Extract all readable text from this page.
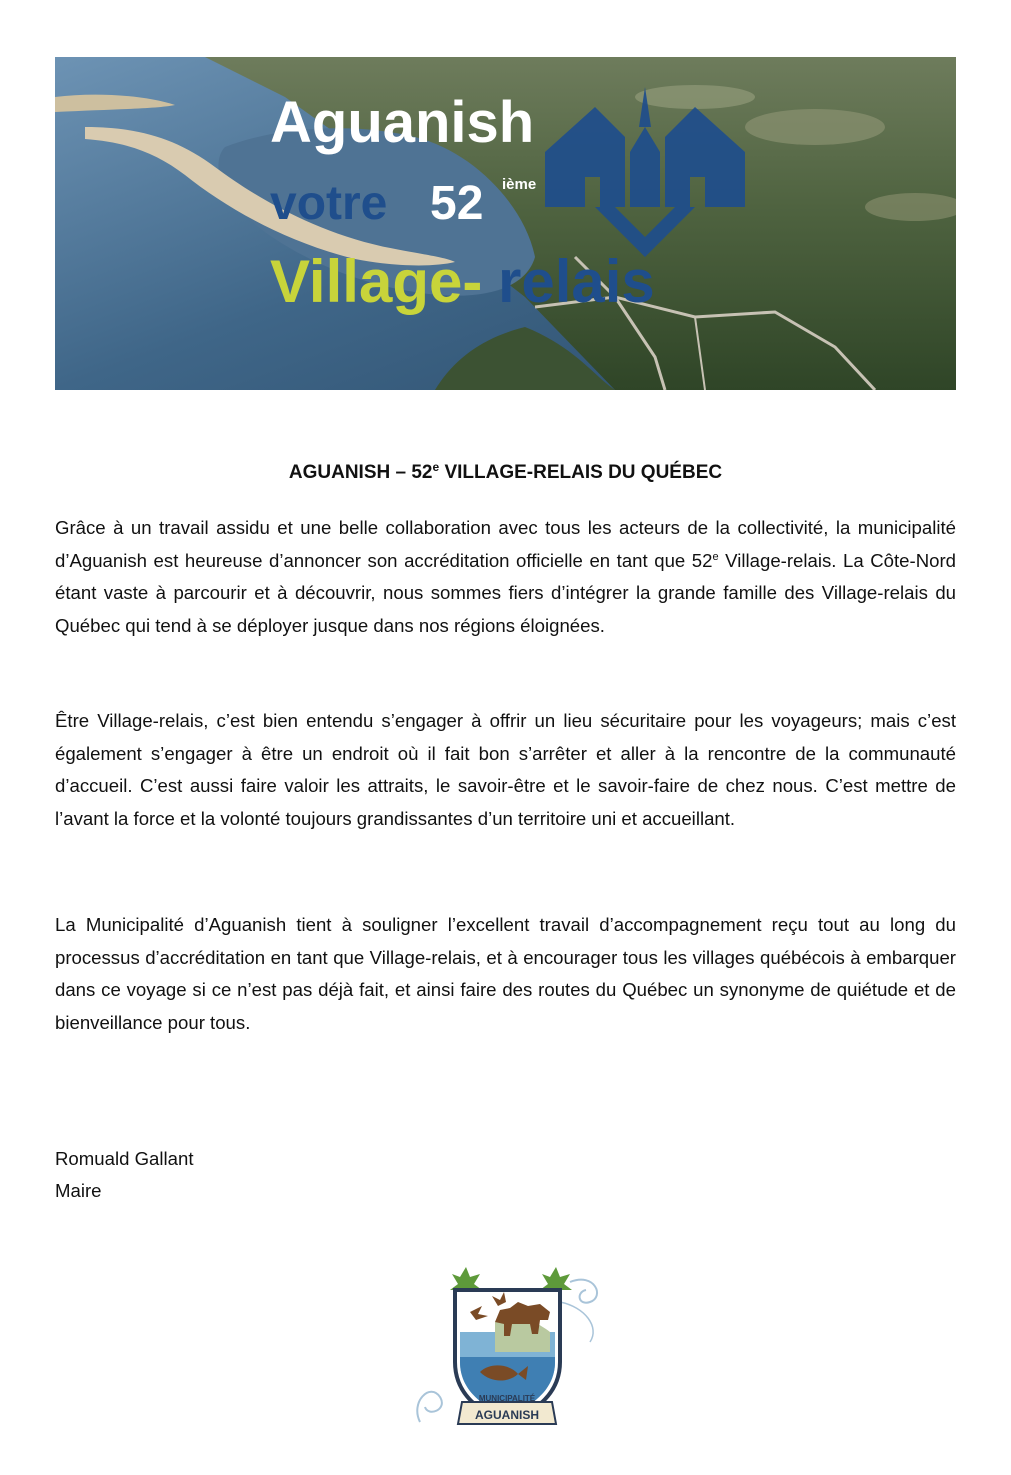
Aguanish
votre 52 ième
Village- relais
AGUANISH – 52e VILLAGE-RELAIS DU QUÉBEC

Grâce à un travail assidu et une belle collaboration avec tous les acteurs de la collectivité, la municipalité d’Aguanish est heureuse d’annoncer son accréditation officielle en tant que 52e Village-relais. La Côte-Nord étant vaste à parcourir et à découvrir, nous sommes fiers d’intégrer la grande famille des Village-relais du Québec qui tend à se déployer jusque dans nos régions éloignées.

Être Village-relais, c’est bien entendu s’engager à offrir un lieu sécuritaire pour les voyageurs; mais c’est également s’engager à être un endroit où il fait bon s’arrêter et aller à la rencontre de la communauté d’accueil. C’est aussi faire valoir les attraits, le savoir-être et le savoir-faire de chez nous. C’est mettre de l’avant la force et la volonté toujours grandissantes d’un territoire uni et accueillant.

La Municipalité d’Aguanish tient à souligner l’excellent travail d’accompagnement reçu tout au long du processus d’accréditation en tant que Village-relais, et à encourager tous les villages québécois à embarquer dans ce voyage si ce n’est pas déjà fait, et ainsi faire des routes du Québec un synonyme de quiétude et de bienveillance pour tous.

Romuald Gallant

Maire

MUNICIPALITÉ
AGUANISH
